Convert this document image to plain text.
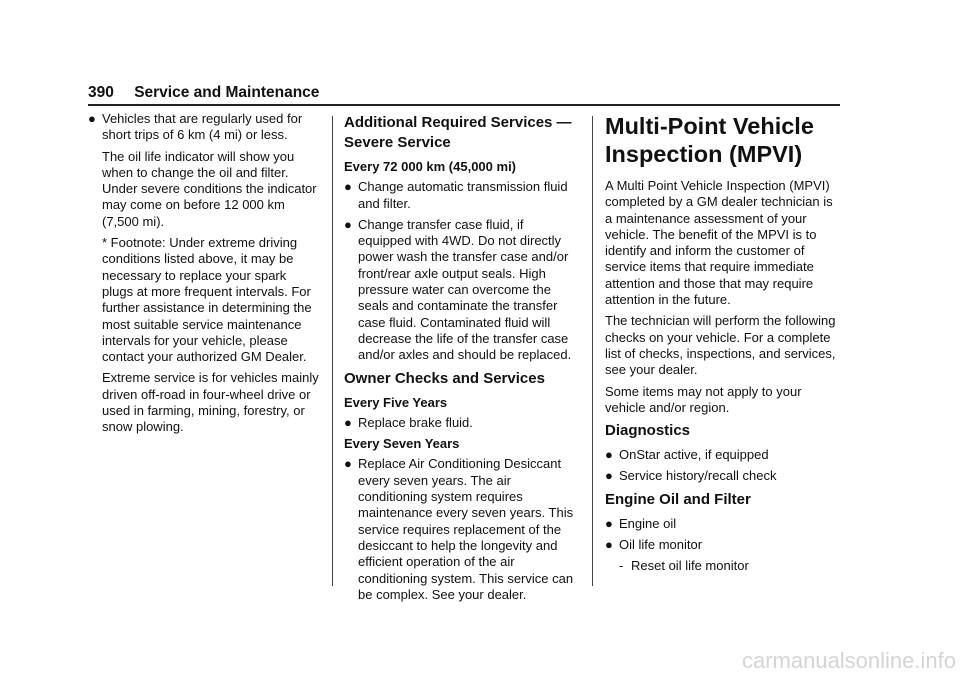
390 Service and Maintenance
● Vehicles that are regularly used for short trips of 6 km (4 mi) or less.

The oil life indicator will show you when to change the oil and filter. Under severe conditions the indicator may come on before 12 000 km (7,500 mi).

* Footnote: Under extreme driving conditions listed above, it may be necessary to replace your spark plugs at more frequent intervals. For further assistance in determining the most suitable service maintenance intervals for your vehicle, please contact your authorized GM Dealer.

Extreme service is for vehicles mainly driven off-road in four-wheel drive or used in farming, mining, forestry, or snow plowing.

Additional Required Services — Severe Service
Every 72 000 km (45,000 mi)
● Change automatic transmission fluid and filter.
● Change transfer case fluid, if equipped with 4WD. Do not directly power wash the transfer case and/or front/rear axle output seals. High pressure water can overcome the seals and contaminate the transfer case fluid. Contaminated fluid will decrease the life of the transfer case and/or axles and should be replaced.
Owner Checks and Services
Every Five Years
● Replace brake fluid.
Every Seven Years
● Replace Air Conditioning Desiccant every seven years. The air conditioning system requires maintenance every seven years. This service requires replacement of the desiccant to help the longevity and efficient operation of the air conditioning system. This service can be complex. See your dealer.
Multi-Point Vehicle Inspection (MPVI)

A Multi Point Vehicle Inspection (MPVI) completed by a GM dealer technician is a maintenance assessment of your vehicle. The benefit of the MPVI is to identify and inform the customer of service items that require immediate attention and those that may require attention in the future.

The technician will perform the following checks on your vehicle. For a complete list of checks, inspections, and services, see your dealer.

Some items may not apply to your vehicle and/or region.

Diagnostics
● OnStar active, if equipped
● Service history/recall check
Engine Oil and Filter
● Engine oil
● Oil life monitor
- Reset oil life monitor
carmanualsonline.info
